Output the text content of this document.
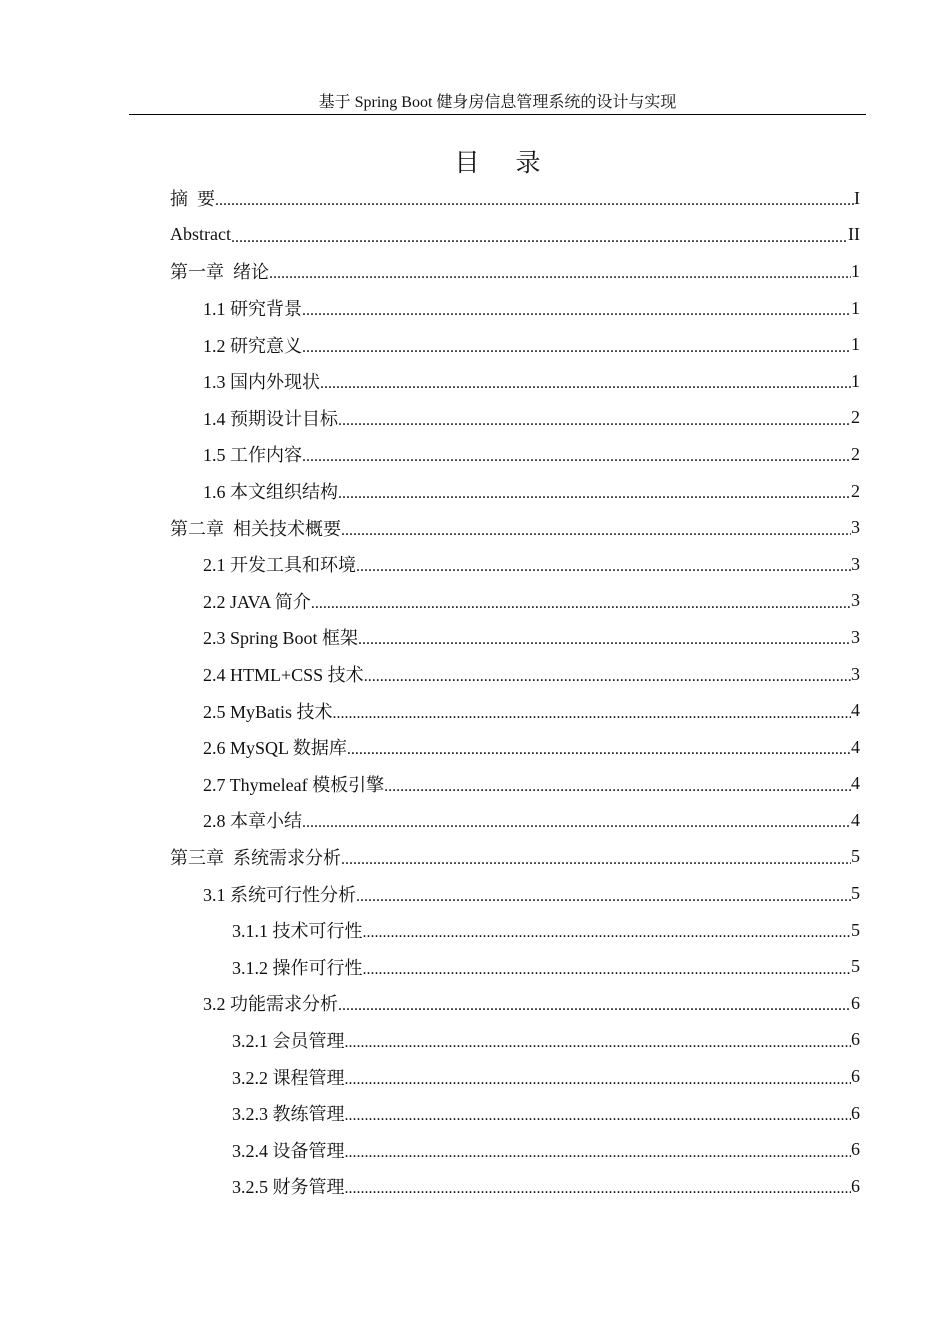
基于 Spring Boot 健身房信息管理系统的设计与实现
目 录
摘  要 .....	I
Abstract .....	II
第一章  绪论 .....	1
1.1 研究背景 .....	1
1.2 研究意义 .....	1
1.3 国内外现状 .....	1
1.4 预期设计目标 .....	2
1.5 工作内容 .....	2
1.6 本文组织结构 .....	2
第二章  相关技术概要 .....	3
2.1 开发工具和环境 .....	3
2.2 JAVA 简介 .....	3
2.3 Spring Boot 框架 .....	3
2.4 HTML+CSS 技术 .....	3
2.5 MyBatis 技术 .....	4
2.6 MySQL 数据库 .....	4
2.7 Thymeleaf 模板引擎 .....	4
2.8 本章小结 .....	4
第三章  系统需求分析 .....	5
3.1 系统可行性分析 .....	5
3.1.1 技术可行性 .....	5
3.1.2 操作可行性 .....	5
3.2 功能需求分析 .....	6
3.2.1 会员管理 .....	6
3.2.2 课程管理 .....	6
3.2.3 教练管理 .....	6
3.2.4 设备管理 .....	6
3.2.5 财务管理 .....	6
